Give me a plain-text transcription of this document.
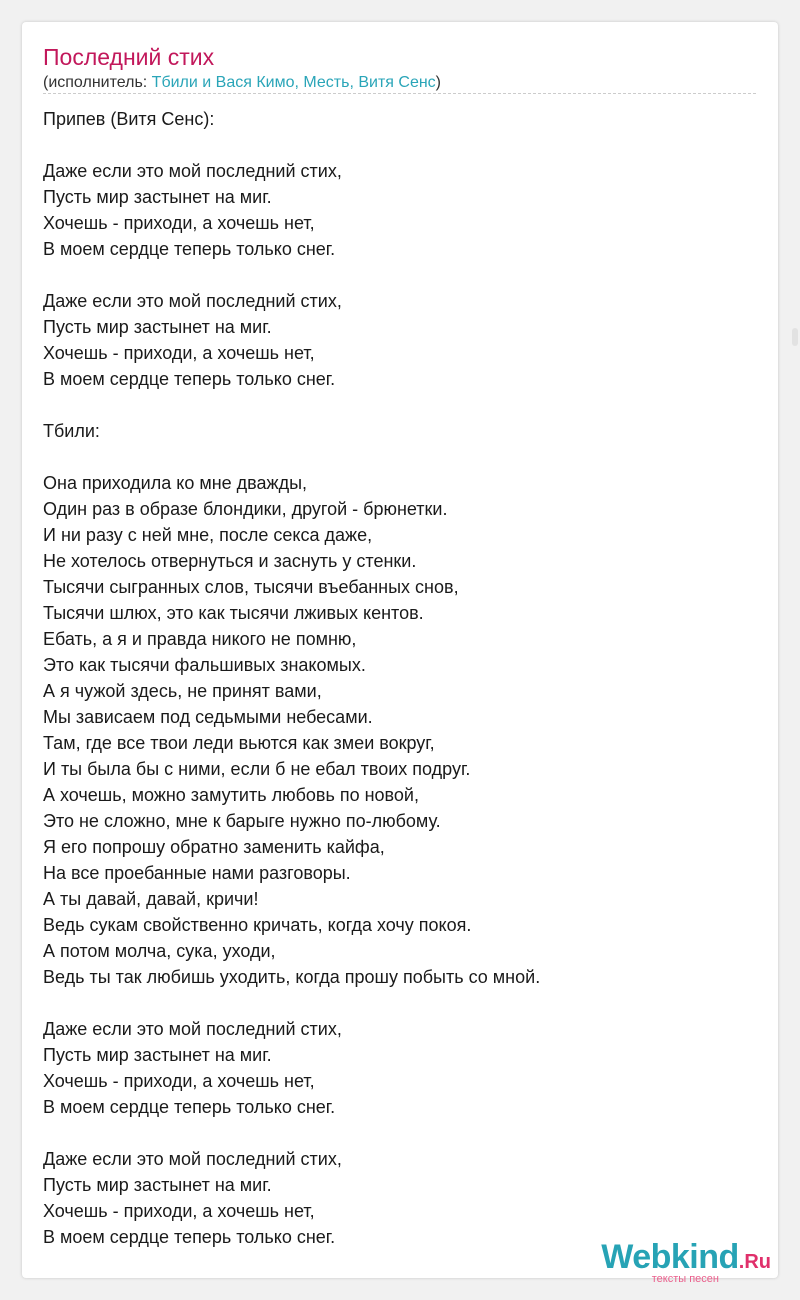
Последний стих
(исполнитель: Тбили и Вася Кимо, Месть, Витя Сенс)
Припев (Витя Сенс):
Даже если это мой последний стих,
Пусть мир застынет на миг.
Хочешь - приходи, а хочешь нет,
В моем сердце теперь только снег.
Даже если это мой последний стих,
Пусть мир застынет на миг.
Хочешь - приходи, а хочешь нет,
В моем сердце теперь только снег.
Тбили:
Она приходила ко мне дважды,
Один раз в образе блондики, другой - брюнетки.
И ни разу с ней мне, после секса даже,
Не хотелось отвернуться и заснуть у стенки.
Тысячи сыгранных слов, тысячи въебанных снов,
Тысячи шлюх, это как тысячи лживых кентов.
Ебать, а я и правда никого не помню,
Это как тысячи фальшивых знакомых.
А я чужой здесь, не принят вами,
Мы зависаем под седьмыми небесами.
Там, где все твои леди вьются как змеи вокруг,
И ты была бы с ними, если б не ебал твоих подруг.
А хочешь, можно замутить любовь по новой,
Это не сложно, мне к барыге нужно по-любому.
Я его попрошу обратно заменить кайфа,
На все проебанные нами разговоры.
А ты давай, давай, кричи!
Ведь сукам свойственно кричать, когда хочу покоя.
А потом молча, сука, уходи,
Ведь ты так любишь уходить, когда прошу побыть со мной.
Даже если это мой последний стих,
Пусть мир застынет на миг.
Хочешь - приходи, а хочешь нет,
В моем сердце теперь только снег.
Даже если это мой последний стих,
Пусть мир застынет на миг.
Хочешь - приходи, а хочешь нет,
В моем сердце теперь только снег.
Webkind.Ru
тексты песен
